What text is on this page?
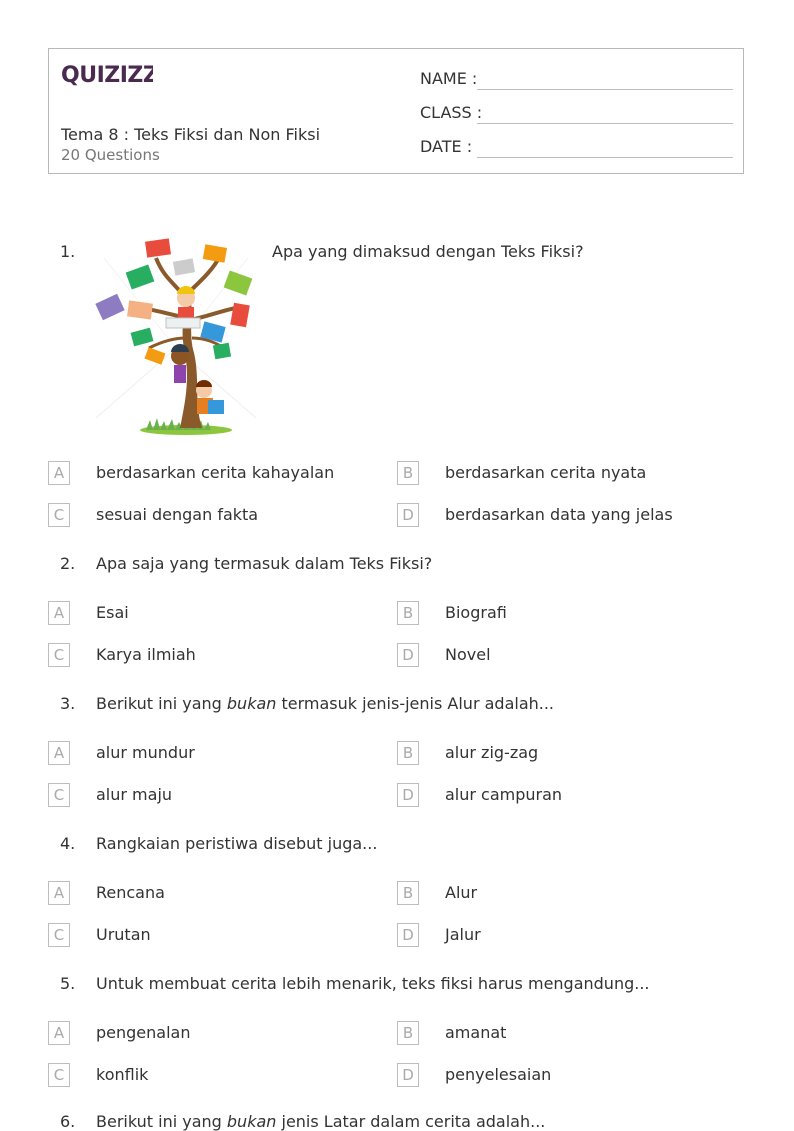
QUIZIZZ
Tema 8 : Teks Fiksi dan Non Fiksi
20 Questions
NAME :
CLASS :
DATE :
1.	Apa yang dimaksud dengan Teks Fiksi?
A	berdasarkan cerita kahayalan	B	berdasarkan cerita nyata
C	sesuai dengan fakta	D	berdasarkan data yang jelas
2. Apa saja yang termasuk dalam Teks Fiksi?
A	Esai	B	Biografi
C	Karya ilmiah	D	Novel
3. Berikut ini yang bukan termasuk jenis-jenis Alur adalah...
A	alur mundur	B	alur zig-zag
C	alur maju	D	alur campuran
4. Rangkaian peristiwa disebut juga...
A	Rencana	B	Alur
C	Urutan	D	Jalur
5. Untuk membuat cerita lebih menarik, teks fiksi harus mengandung...
A	pengenalan	B	amanat
C	konflik	D	penyelesaian
6. Berikut ini yang bukan jenis Latar dalam cerita adalah...
